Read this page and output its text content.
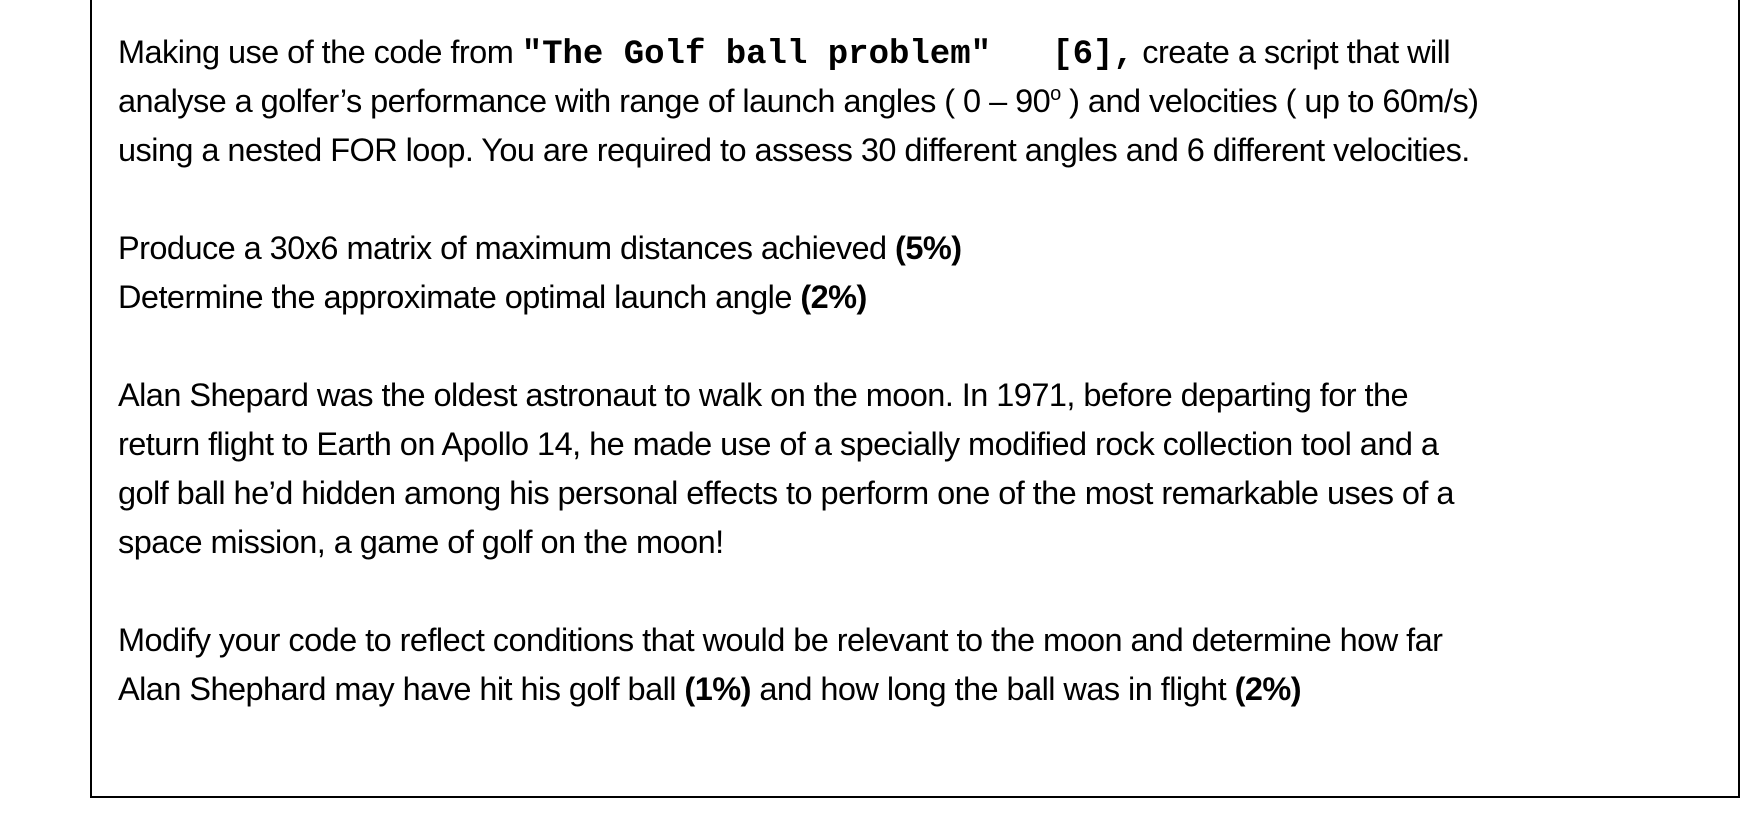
Making use of the code from "The Golf ball problem"   [6], create a script that will
analyse a golfer’s performance with range of launch angles ( 0 – 90$^o$ ) and velocities ( up to 60m/s)
using a nested FOR loop. You are required to assess 30 different angles and 6 different velocities.
Produce a 30x6 matrix of maximum distances achieved (5%)
Determine the approximate optimal launch angle (2%)
Alan Shepard was the oldest astronaut to walk on the moon. In 1971, before departing for the
return flight to Earth on Apollo 14, he made use of a specially modified rock collection tool and a
golf ball he’d hidden among his personal effects to perform one of the most remarkable uses of a
space mission, a game of golf on the moon!
Modify your code to reflect conditions that would be relevant to the moon and determine how far
Alan Shephard may have hit his golf ball (1%) and how long the ball was in flight (2%)
